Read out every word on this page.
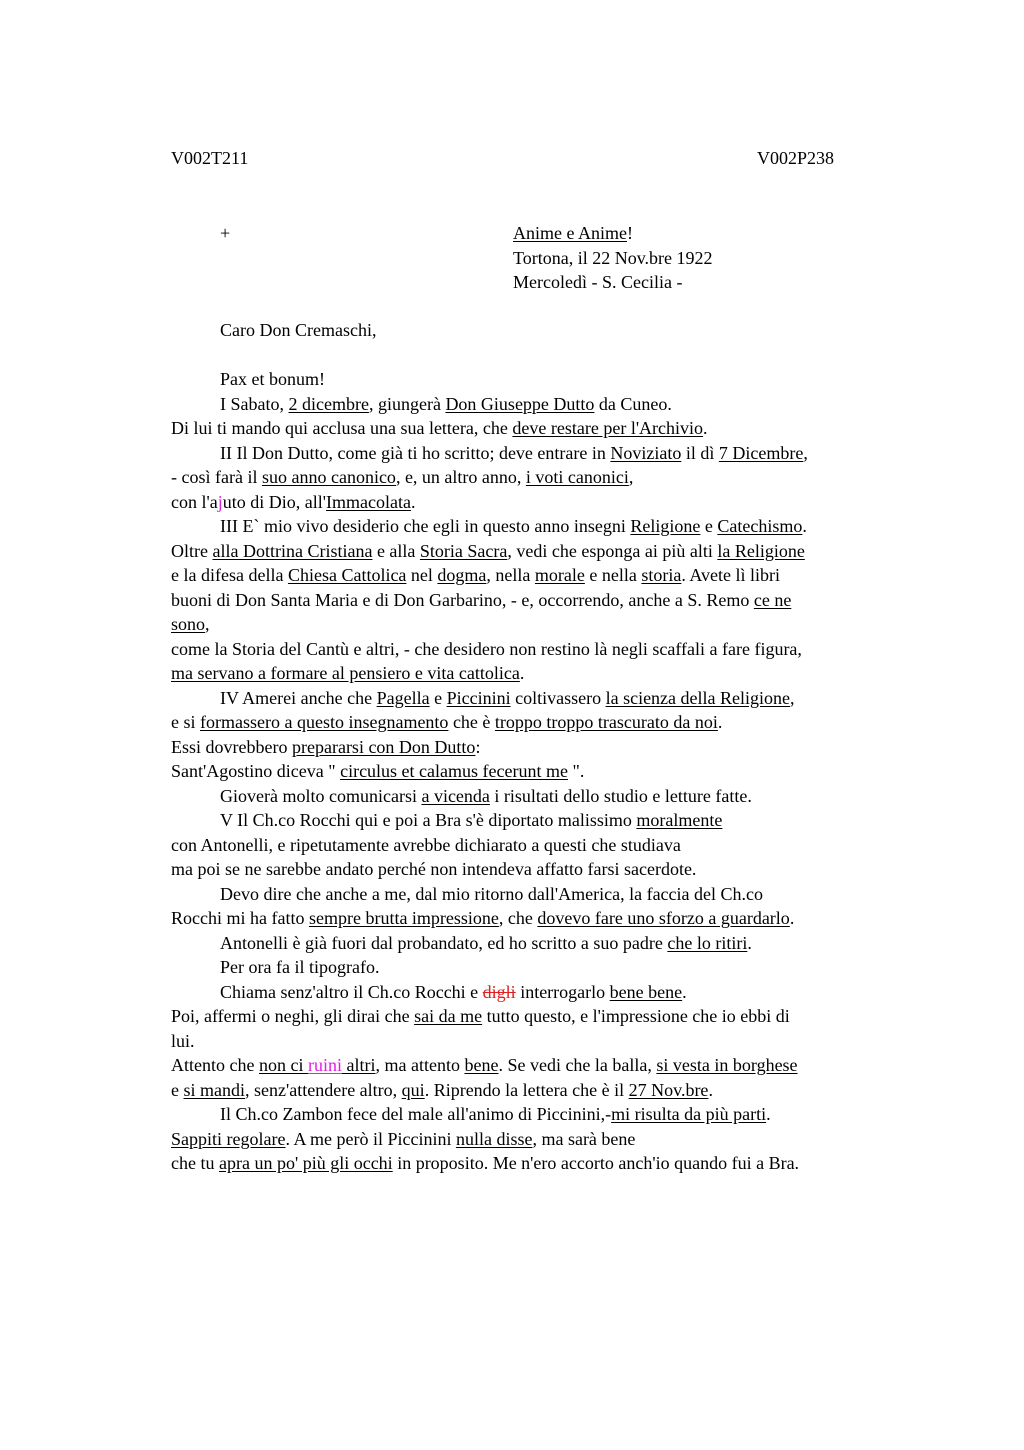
V002T211	V002P238
+	Anime e Anime!
Tortona, il 22 Nov.bre 1922
Mercoledì - S. Cecilia -
Caro Don Cremaschi,
Pax et bonum!
I Sabato, 2 dicembre, giungerà Don Giuseppe Dutto da Cuneo.
Di lui ti mando qui acclusa una sua lettera, che deve restare per l'Archivio.
II Il Don Dutto, come già ti ho scritto; deve entrare in Noviziato il dì 7 Dicembre,
- così farà il suo anno canonico, e, un altro anno, i voti canonici,
con l'ajuto di Dio, all'Immacolata.
III E` mio vivo desiderio che egli in questo anno insegni Religione e Catechismo.
Oltre alla Dottrina Cristiana e alla Storia Sacra, vedi che esponga ai più alti la Religione
e la difesa della Chiesa Cattolica nel dogma, nella morale e nella storia. Avete lì libri
buoni di Don Santa Maria e di Don Garbarino, - e, occorrendo, anche a S. Remo ce ne
sono,
come la Storia del Cantù e altri, - che desidero non restino là negli scaffali a fare figura,
ma servano a formare al pensiero e vita cattolica.
IV Amerei anche che Pagella e Piccinini coltivassero la scienza della Religione,
e si formassero a questo insegnamento che è troppo troppo trascurato da noi.
Essi dovrebbero prepararsi con Don Dutto:
Sant'Agostino diceva " circulus et calamus fecerunt me ".
Gioverà molto comunicarsi a vicenda i risultati dello studio e letture fatte.
V Il Ch.co Rocchi qui e poi a Bra s'è diportato malissimo moralmente
con Antonelli, e ripetutamente avrebbe dichiarato a questi che studiava
ma poi se ne sarebbe andato perché non intendeva affatto farsi sacerdote.
Devo dire che anche a me, dal mio ritorno dall'America, la faccia del Ch.co
Rocchi mi ha fatto sempre brutta impressione, che dovevo fare uno sforzo a guardarlo.
Antonelli è già fuori dal probandato, ed ho scritto a suo padre che lo ritiri.
Per ora fa il tipografo.
Chiama senz'altro il Ch.co Rocchi e digli interrogarlo bene bene.
Poi, affermi o neghi, gli dirai che sai da me tutto questo, e l'impressione che io ebbi di
lui.
Attento che non ci ruini altri, ma attento bene. Se vedi che la balla, si vesta in borghese
e si mandi, senz'attendere altro, qui. Riprendo la lettera che è il 27 Nov.bre.
Il Ch.co Zambon fece del male all'animo di Piccinini,-mi risulta da più parti.
Sappiti regolare. A me però il Piccinini nulla disse, ma sarà bene
che tu apra un po' più gli occhi in proposito. Me n'ero accorto anch'io quando fui a Bra.
